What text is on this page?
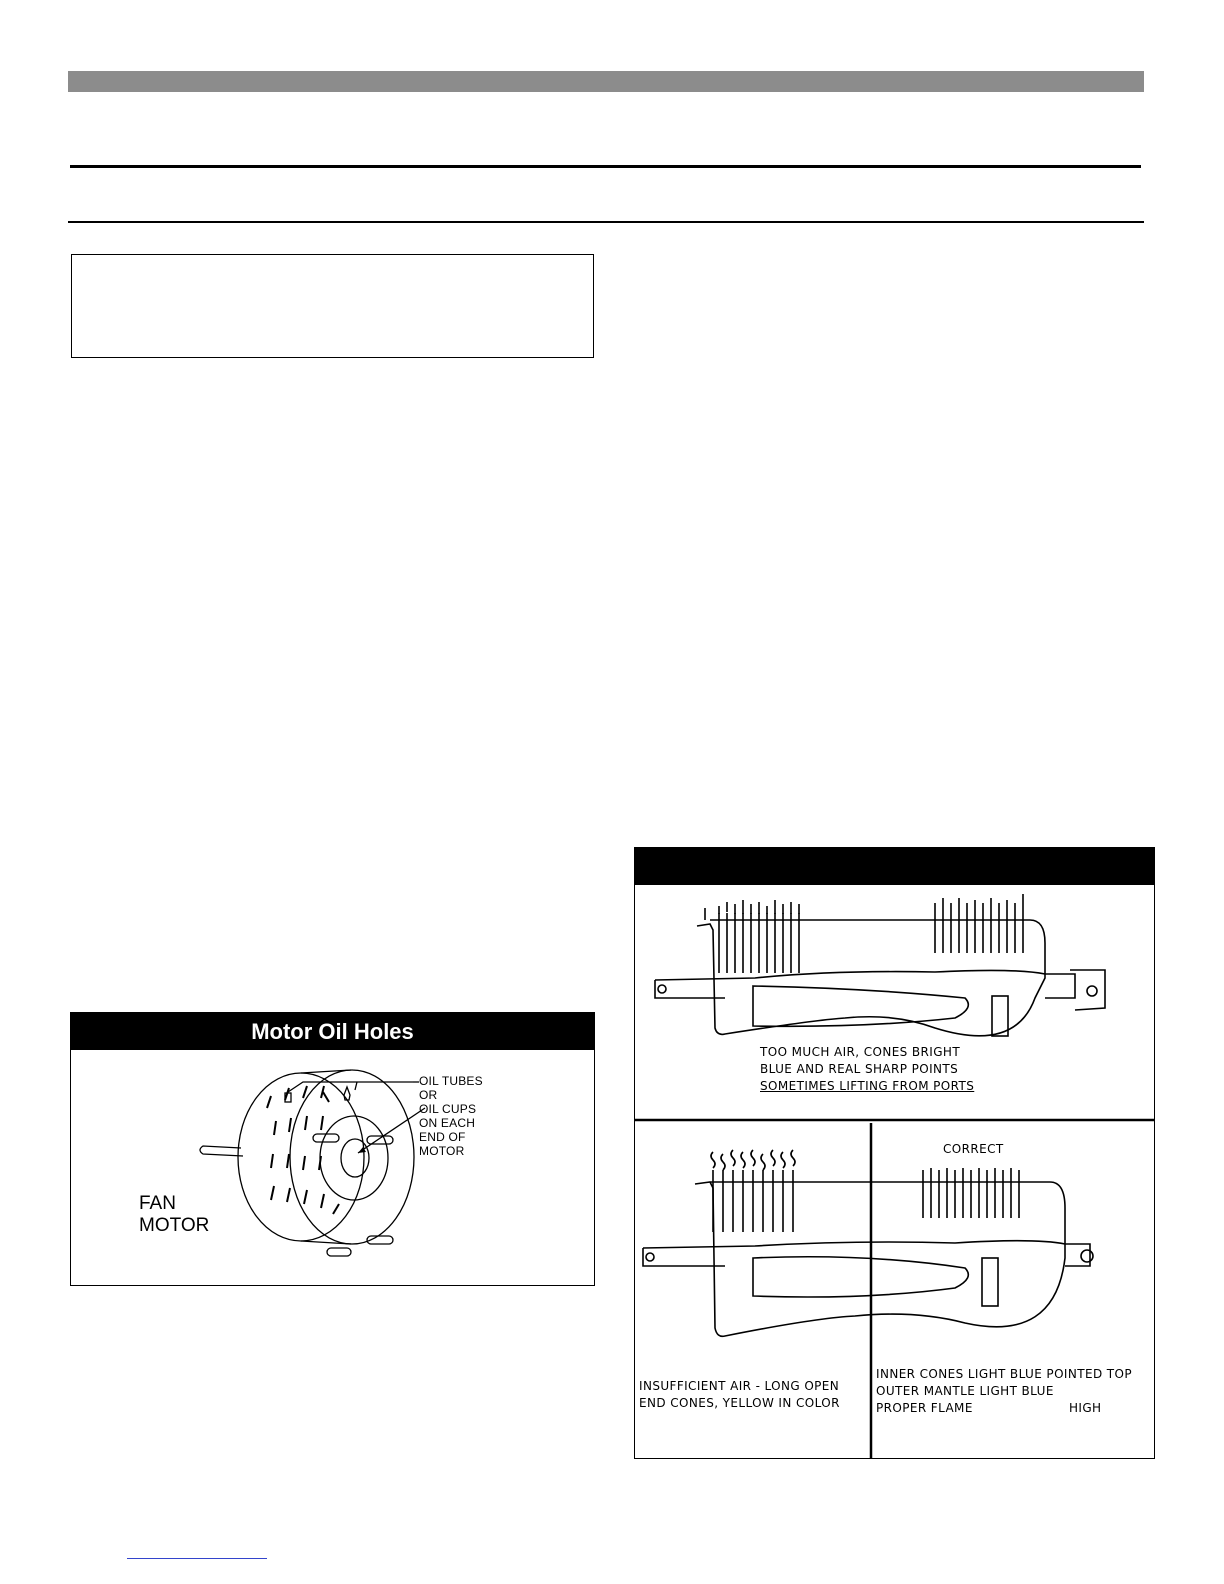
Motor Oil Holes
OIL TUBES
OR
OIL CUPS
ON EACH
END OF
MOTOR
FAN
MOTOR
TOO MUCH AIR, CONES BRIGHT
BLUE AND REAL SHARP POINTS
SOMETIMES LIFTING FROM PORTS
CORRECT
INSUFFICIENT AIR - LONG OPEN
END CONES, YELLOW IN COLOR
INNER CONES LIGHT BLUE POINTED TOP
OUTER MANTLE LIGHT BLUE
PROPER FLAME	HIGH
